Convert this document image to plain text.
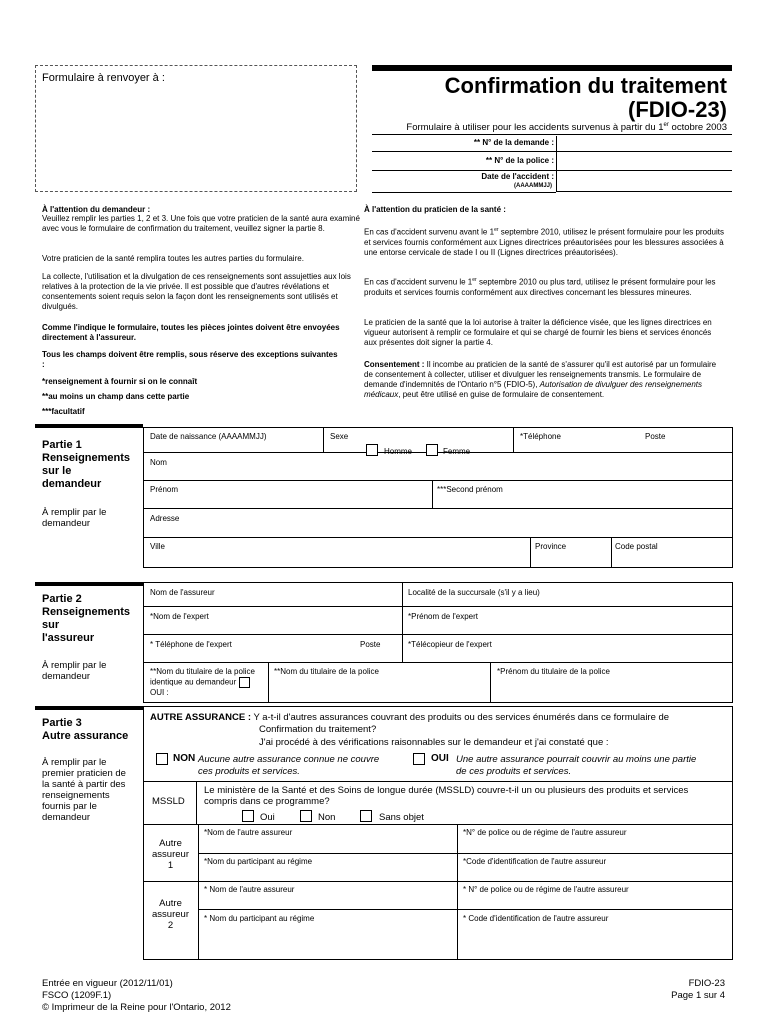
Formulaire à renvoyer à :	Confirmation du traitement
(FDIO-23)
Formulaire à utiliser pour les accidents survenus à partir du 1er octobre 2003
** N° de la demande :
** N° de la police :
Date de l'accident :
(AAAAMMJJ)
À l'attention du demandeur :
Veuillez remplir les parties 1, 2 et 3. Une fois que votre praticien de la santé aura examiné avec vous le formulaire de confirmation du traitement, veuillez signer la partie 8.
Votre praticien de la santé remplira toutes les autres parties du formulaire.
La collecte, l'utilisation et la divulgation de ces renseignements sont assujetties aux lois relatives à la protection de la vie privée. Il est possible que d'autres révélations et consentements soient requis selon la façon dont les renseignements sont utilisés et divulgués.
Comme l'indique le formulaire, toutes les pièces jointes doivent être envoyées directement à l'assureur.
Tous les champs doivent être remplis, sous réserve des exceptions suivantes :
*renseignement à fournir si on le connaît
**au moins un champ dans cette partie
***facultatif
À l'attention du praticien de la santé :
En cas d'accident survenu avant le 1er septembre 2010, utilisez le présent formulaire pour les produits et services fournis conformément aux Lignes directrices préautorisées pour les blessures associées à une entorse cervicale de stade I ou II (Lignes directrices préautorisées).
En cas d'accident survenu le 1er septembre 2010 ou plus tard, utilisez le présent formulaire pour les produits et services fournis conformément aux directives concernant les blessures mineures.
Le praticien de la santé que la loi autorise à traiter la déficience visée, que les lignes directrices en vigueur autorisent à remplir ce formulaire et qui se chargé de fournir les biens et services énoncés aux présentes doit signer la partie 4.
Consentement : Il incombe au praticien de la santé de s'assurer qu'il est autorisé par un formulaire de consentement à collecter, utiliser et divulguer les renseignements transmis. Le formulaire de demande d'indemnités de l'Ontario n°5 (FDIO-5), Autorisation de divulguer des renseignements médicaux, peut être utilisé en guise de formulaire de consentement.
Partie 1
Renseignements
sur le
demandeur
À remplir par le
demandeur
Date de naissance (AAAAMMJJ)	Sexe
Homme	Femme
*Téléphone	Poste
Nom
Prénom	***Second prénom
Adresse
Ville	Province	Code postal
Partie 2
Renseignements
sur
l'assureur
À remplir par le
demandeur
Nom de l'assureur	Localité de la succursale (s'il y a lieu)
*Nom de l'expert	*Prénom de l'expert
* Téléphone de l'expert	Poste	*Télécopieur de l'expert
**Nom du titulaire de la police identique au demandeur  OUI :
**Nom du titulaire de la police	*Prénom du titulaire de la police
Partie 3
Autre assurance
À remplir par le
premier praticien de
la santé à partir des
renseignements
fournis par le
demandeur
AUTRE ASSURANCE : Y a-t-il d'autres assurances couvrant des produits ou des services énumérés dans ce formulaire de
Confirmation du traitement?
J'ai procédé à des vérifications raisonnables sur le demandeur et j'ai constaté que :
NON Aucune autre assurance connue ne couvre
ces produits et services.
OUI Une autre assurance pourrait couvrir au moins une partie
de ces produits et services.
MSSLD
Le ministère de la Santé et des Soins de longue durée (MSSLD) couvre-t-il un ou plusieurs des produits et services
compris dans ce programme?
Oui	Non	Sans objet
Autre
assureur
1
Autre
assureur
2
*Nom de l'autre assureur	*N° de police ou de régime de l'autre assureur
*Nom du participant au régime	*Code d'identification de l'autre assureur
* Nom de l'autre assureur	* N° de police ou de régime de l'autre assureur
* Nom du participant au régime	* Code d'identification de l'autre assureur
Entrée en vigueur (2012/11/01)
FSCO (1209F.1)
© Imprimeur de la Reine pour l'Ontario, 2012
FDIO-23
Page 1 sur 4
